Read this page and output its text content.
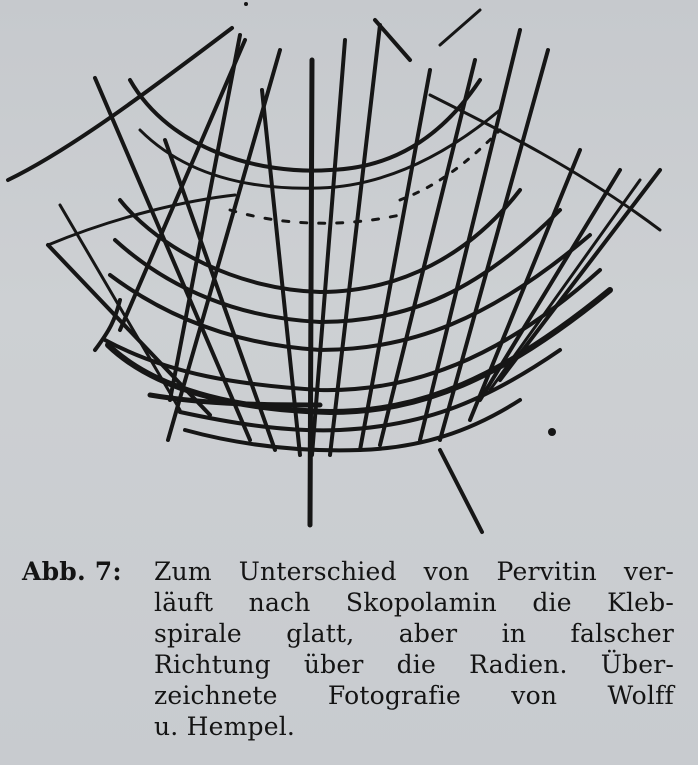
Abb. 7: Zum Unterschied von Pervitin ver-
läuft nach Skopolamin die Kleb-
spirale glatt, aber in falscher
Richtung über die Radien. Über-
zeichnete Fotografie von Wolff
u. Hempel.
